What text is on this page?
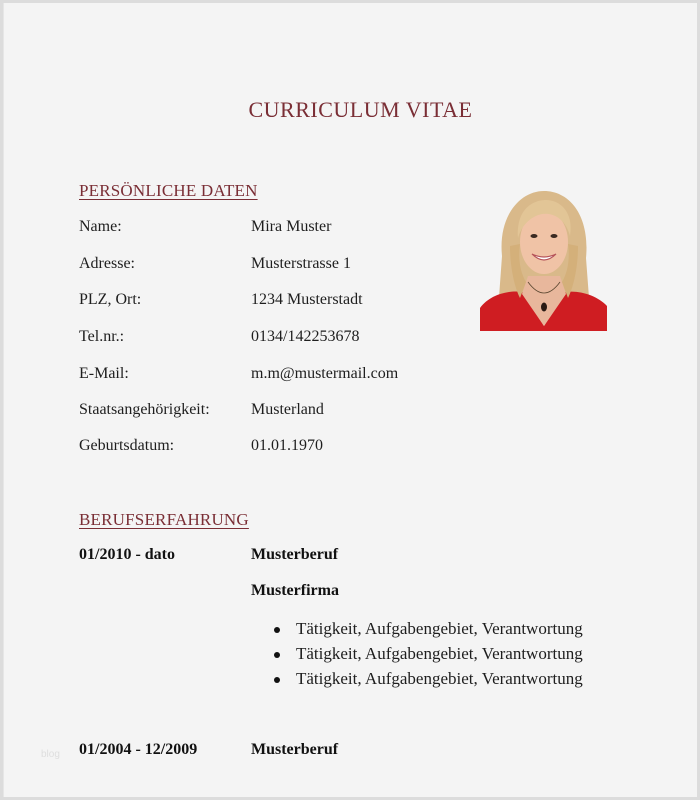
CURRICULUM VITAE
PERSÖNLICHE DATEN
Name:	Mira Muster
Adresse:	Musterstrasse 1
PLZ, Ort:	1234 Musterstadt
Tel.nr.:	0134/142253678
E-Mail:	m.m@mustermail.com
Staatsangehörigkeit:	Musterland
Geburtsdatum:	01.01.1970
BERUFSERFAHRUNG
01/2010 - dato	Musterberuf
Musterfirma
Tätigkeit, Aufgabengebiet, Verantwortung
Tätigkeit, Aufgabengebiet, Verantwortung
Tätigkeit, Aufgabengebiet, Verantwortung
01/2004 - 12/2009	Musterberuf
blog
